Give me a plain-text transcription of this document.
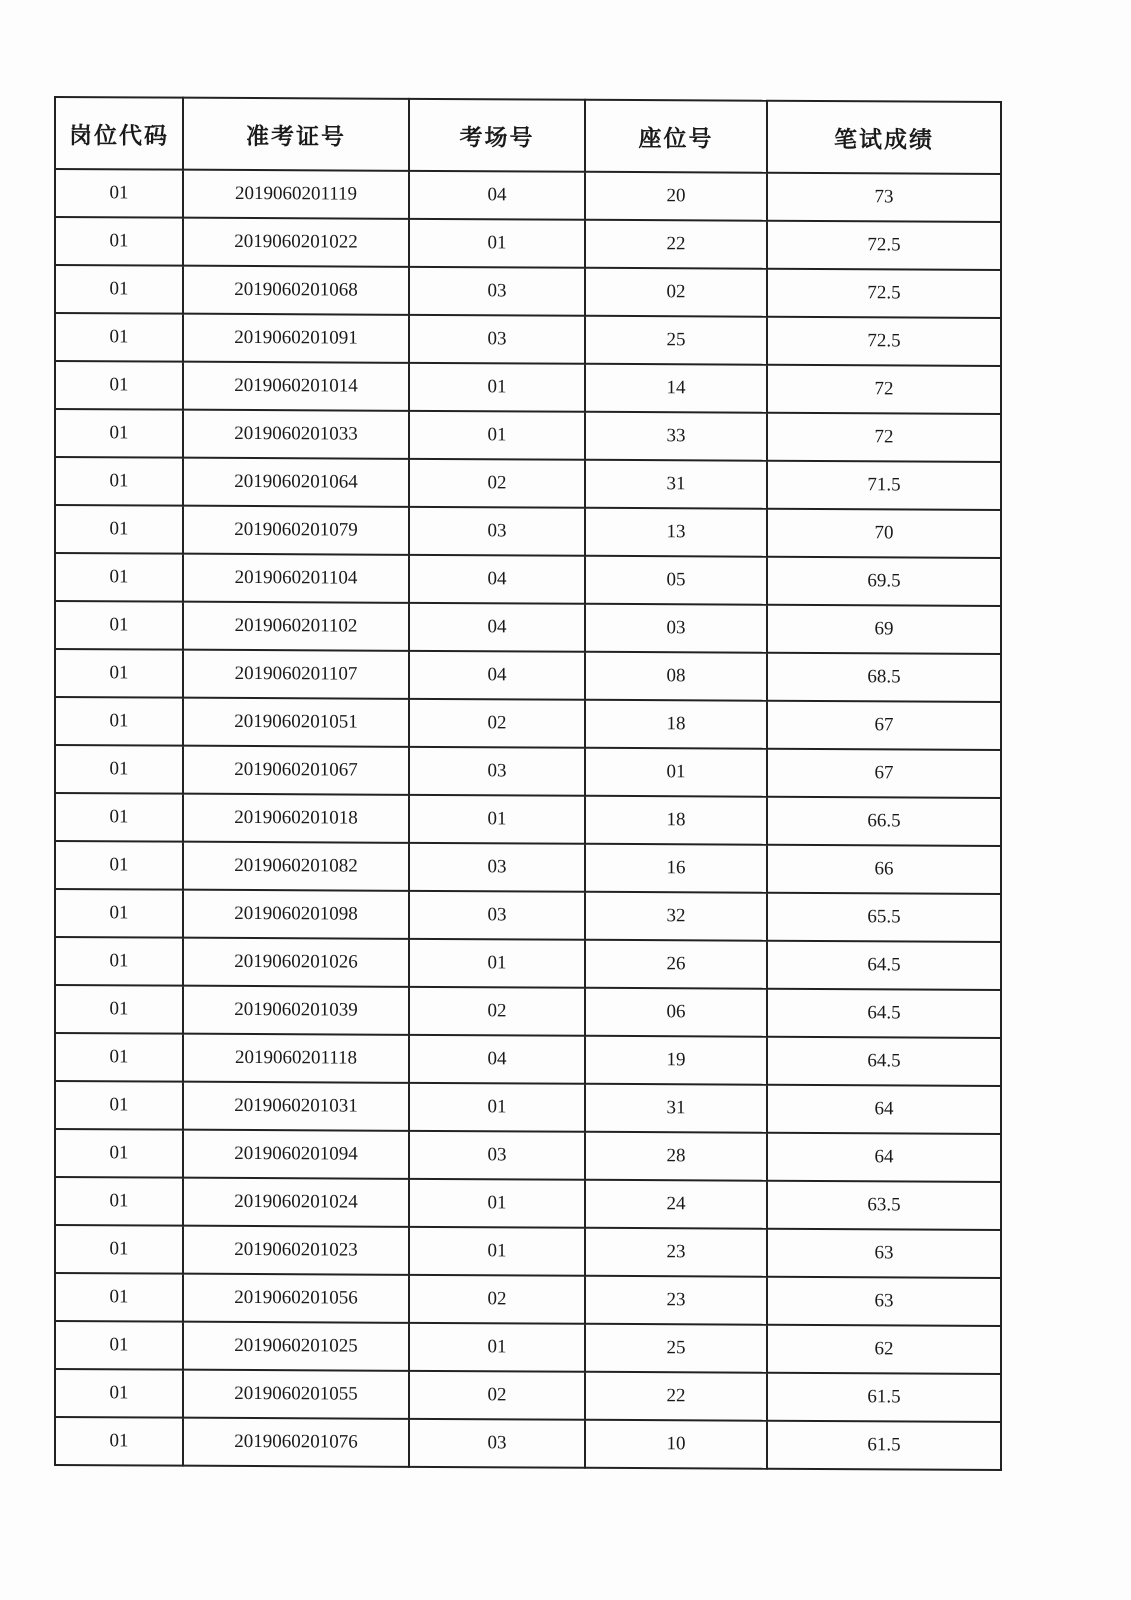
岗位代码	准考证号	考场号	座位号	笔试成绩
01	2019060201119	04	20	73
01	2019060201022	01	22	72.5
01	2019060201068	03	02	72.5
01	2019060201091	03	25	72.5
01	2019060201014	01	14	72
01	2019060201033	01	33	72
01	2019060201064	02	31	71.5
01	2019060201079	03	13	70
01	2019060201104	04	05	69.5
01	2019060201102	04	03	69
01	2019060201107	04	08	68.5
01	2019060201051	02	18	67
01	2019060201067	03	01	67
01	2019060201018	01	18	66.5
01	2019060201082	03	16	66
01	2019060201098	03	32	65.5
01	2019060201026	01	26	64.5
01	2019060201039	02	06	64.5
01	2019060201118	04	19	64.5
01	2019060201031	01	31	64
01	2019060201094	03	28	64
01	2019060201024	01	24	63.5
01	2019060201023	01	23	63
01	2019060201056	02	23	63
01	2019060201025	01	25	62
01	2019060201055	02	22	61.5
01	2019060201076	03	10	61.5
